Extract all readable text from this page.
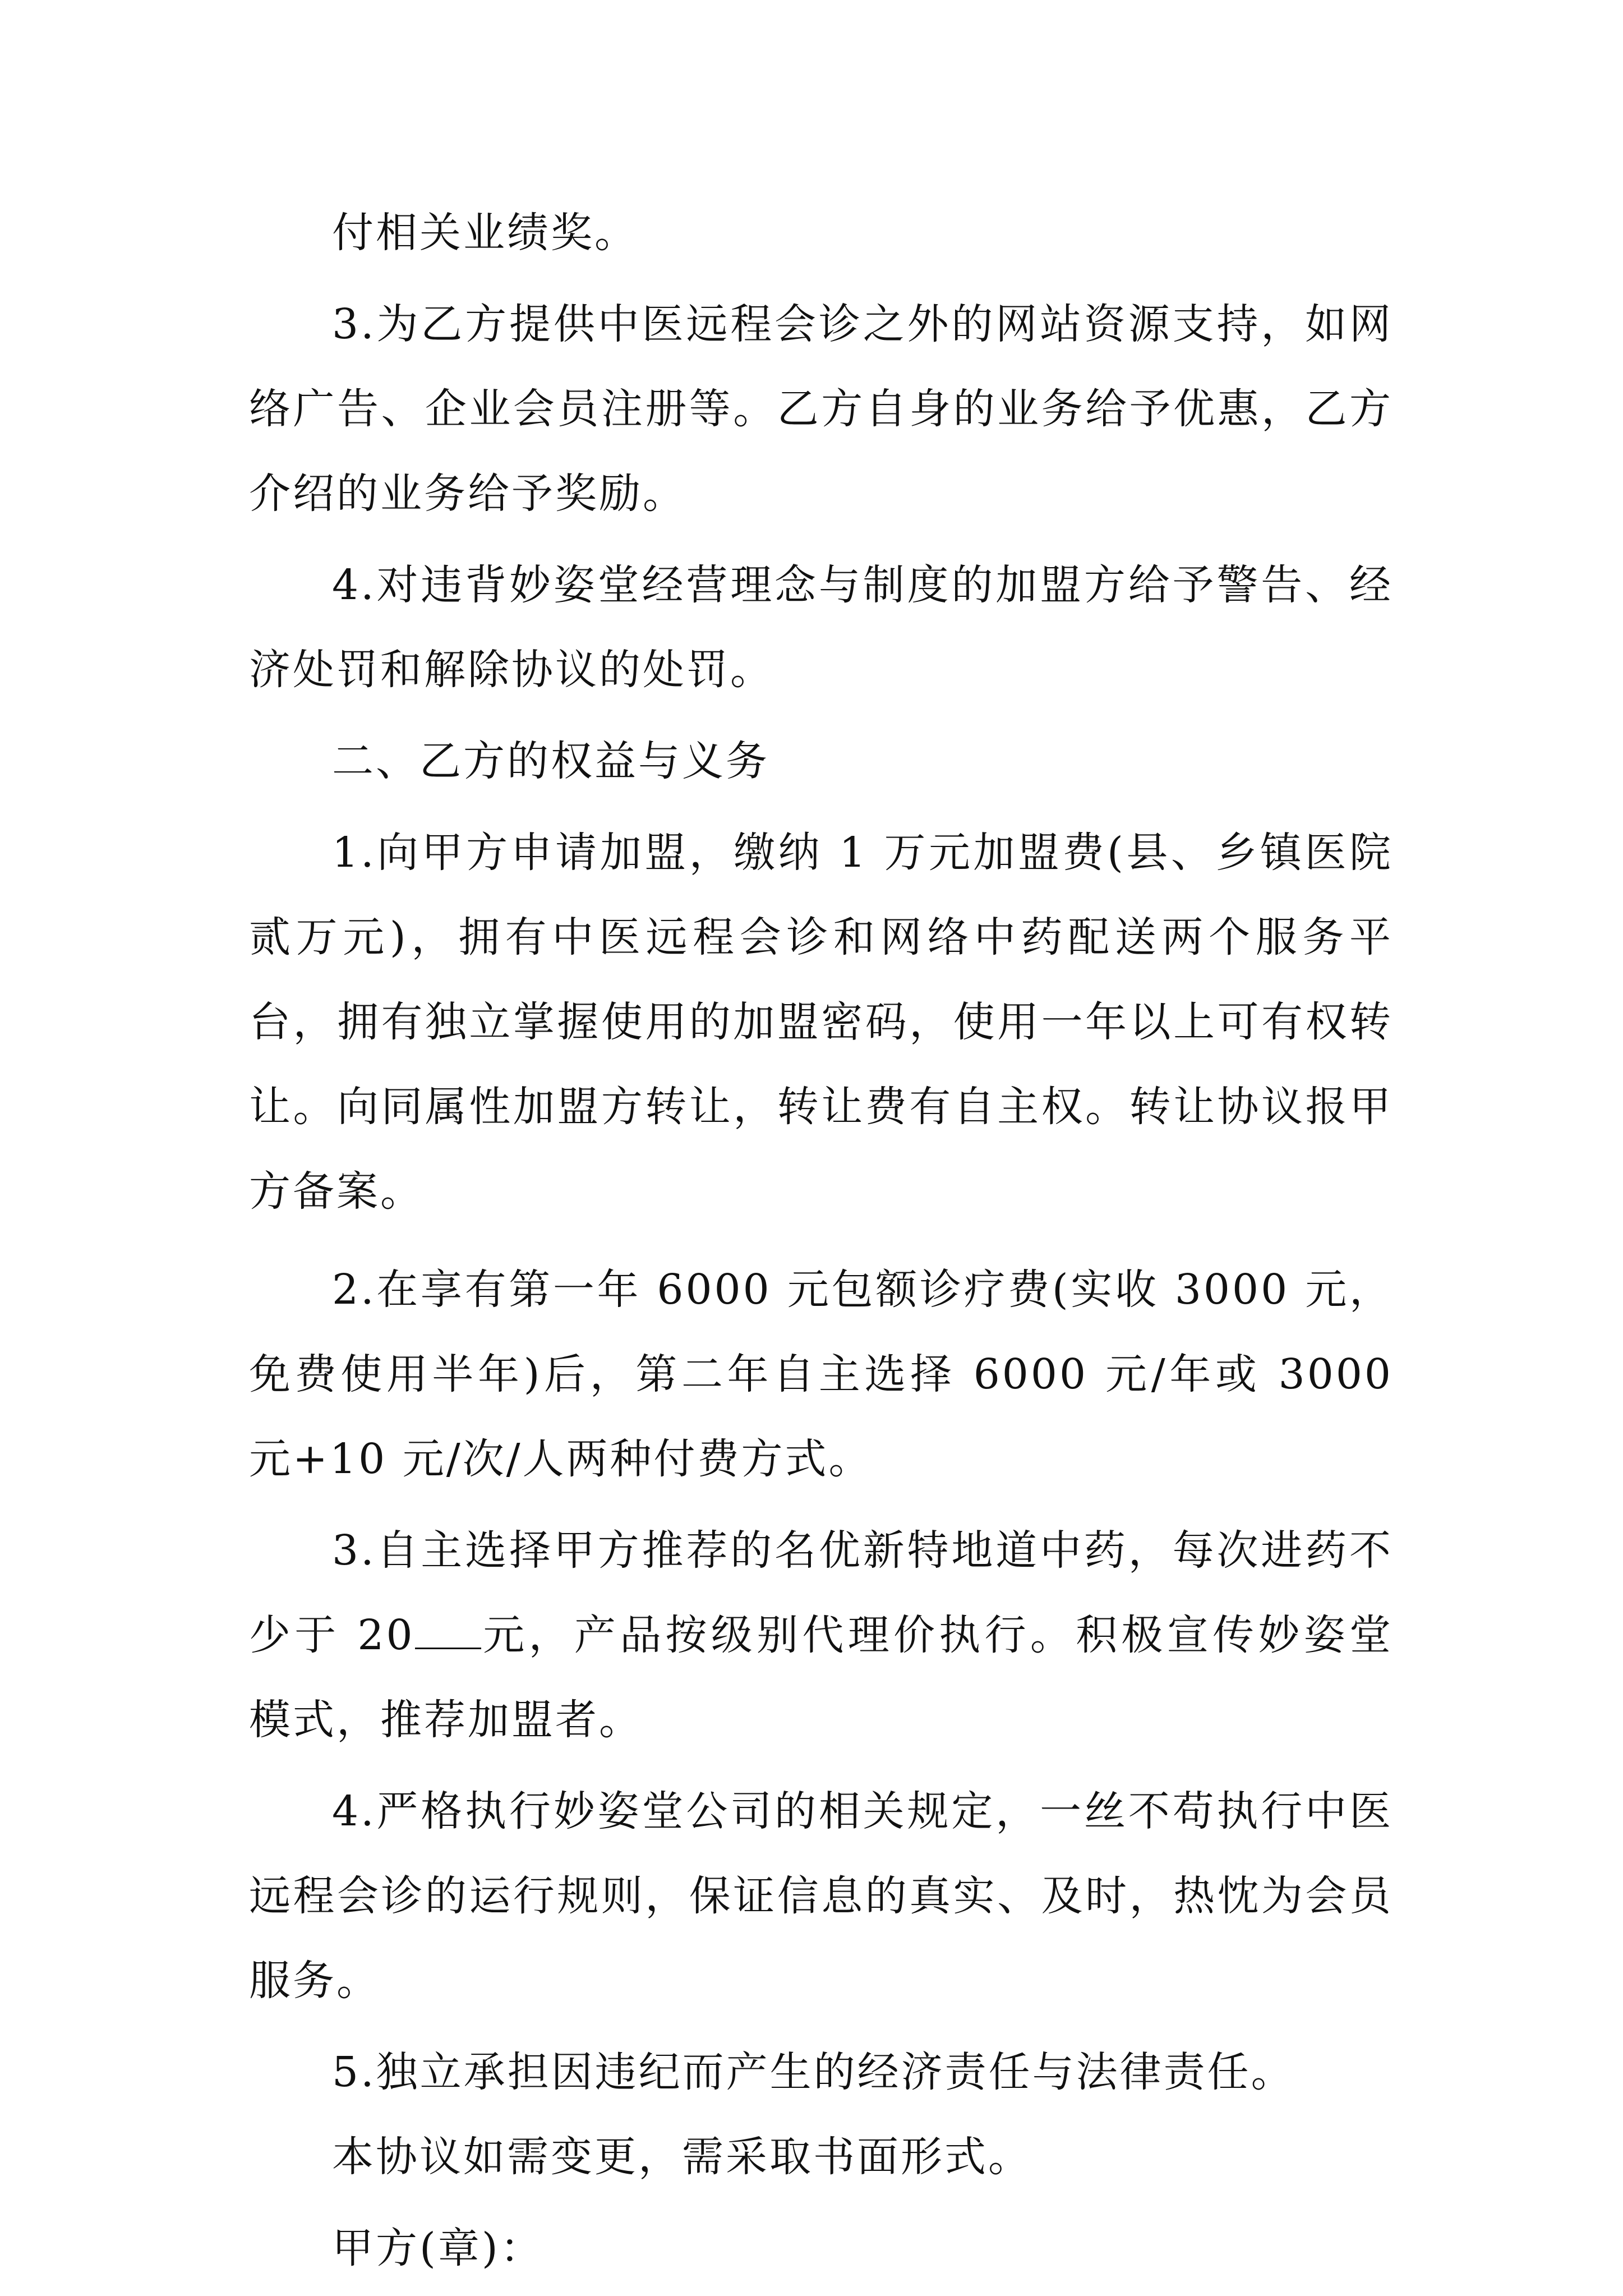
付相关业绩奖。

3.为乙方提供中医远程会诊之外的网站资源支持，如网络广告、企业会员注册等。乙方自身的业务给予优惠，乙方介绍的业务给予奖励。

4.对违背妙姿堂经营理念与制度的加盟方给予警告、经济处罚和解除协议的处罚。

二、乙方的权益与义务

1.向甲方申请加盟，缴纳 1 万元加盟费(县、乡镇医院贰万元)，拥有中医远程会诊和网络中药配送两个服务平台，拥有独立掌握使用的加盟密码，使用一年以上可有权转让。向同属性加盟方转让，转让费有自主权。转让协议报甲方备案。

2.在享有第一年 6000 元包额诊疗费(实收 3000 元，免费使用半年)后，第二年自主选择 6000 元/年或 3000 元+10 元/次/人两种付费方式。

3.自主选择甲方推荐的名优新特地道中药，每次进药不少于 20 元，产品按级别代理价执行。积极宣传妙姿堂模式，推荐加盟者。

4.严格执行妙姿堂公司的相关规定，一丝不苟执行中医远程会诊的运行规则，保证信息的真实、及时，热忱为会员服务。

5.独立承担因违纪而产生的经济责任与法律责任。

本协议如需变更，需采取书面形式。

甲方(章)：
